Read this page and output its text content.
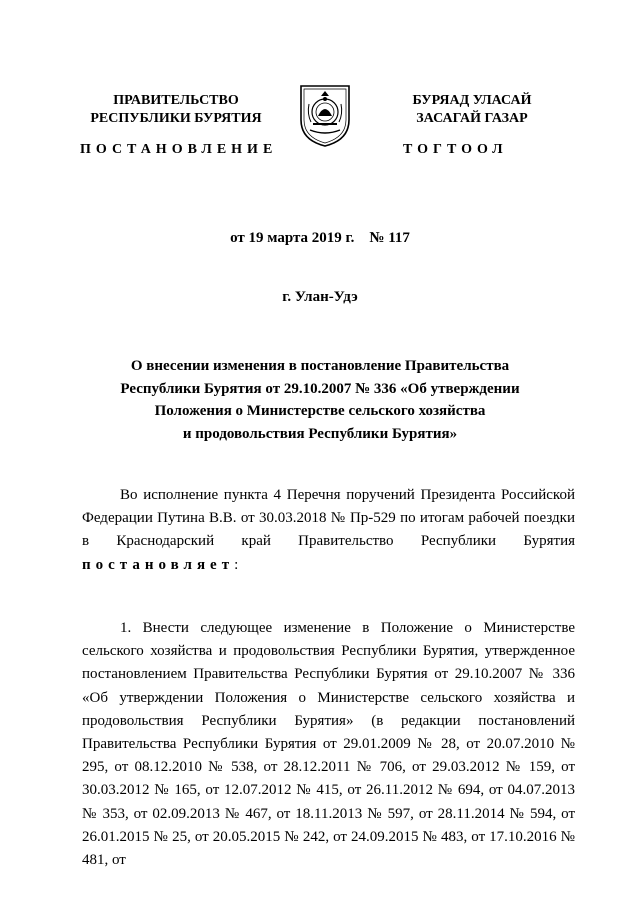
ПРАВИТЕЛЬСТВО
РЕСПУБЛИКИ БУРЯТИЯ
БУРЯАД УЛАСАЙ
ЗАСАГАЙ ГАЗАР
ПОСТАНОВЛЕНИЕ	ТОГТООЛ
от 19 марта 2019 г.    № 117
г. Улан-Удэ
О внесении изменения в постановление Правительства
Республики Бурятия от 29.10.2007 № 336 «Об утверждении
Положения о Министерстве сельского хозяйства
и продовольствия Республики Бурятия»

Во исполнение пункта 4 Перечня поручений Президента Российской Федерации Путина В.В. от 30.03.2018 № Пр-529 по итогам рабочей поездки в Краснодарский край Правительство Республики Бурятия постановляет:

1. Внести следующее изменение в Положение о Министерстве сельского хозяйства и продовольствия Республики Бурятия, утвержденное постановлением Правительства Республики Бурятия от 29.10.2007 № 336 «Об утверждении Положения о Министерстве сельского хозяйства и продовольствия Республики Бурятия» (в редакции постановлений Правительства Республики Бурятия от 29.01.2009 № 28, от 20.07.2010 № 295, от 08.12.2010 № 538, от 28.12.2011 № 706, от 29.03.2012 № 159, от 30.03.2012 № 165, от 12.07.2012 № 415, от 26.11.2012 № 694, от 04.07.2013 № 353, от 02.09.2013 № 467, от 18.11.2013 № 597, от 28.11.2014 № 594, от 26.01.2015 № 25, от 20.05.2015 № 242, от 24.09.2015 № 483, от 17.10.2016 № 481, от
